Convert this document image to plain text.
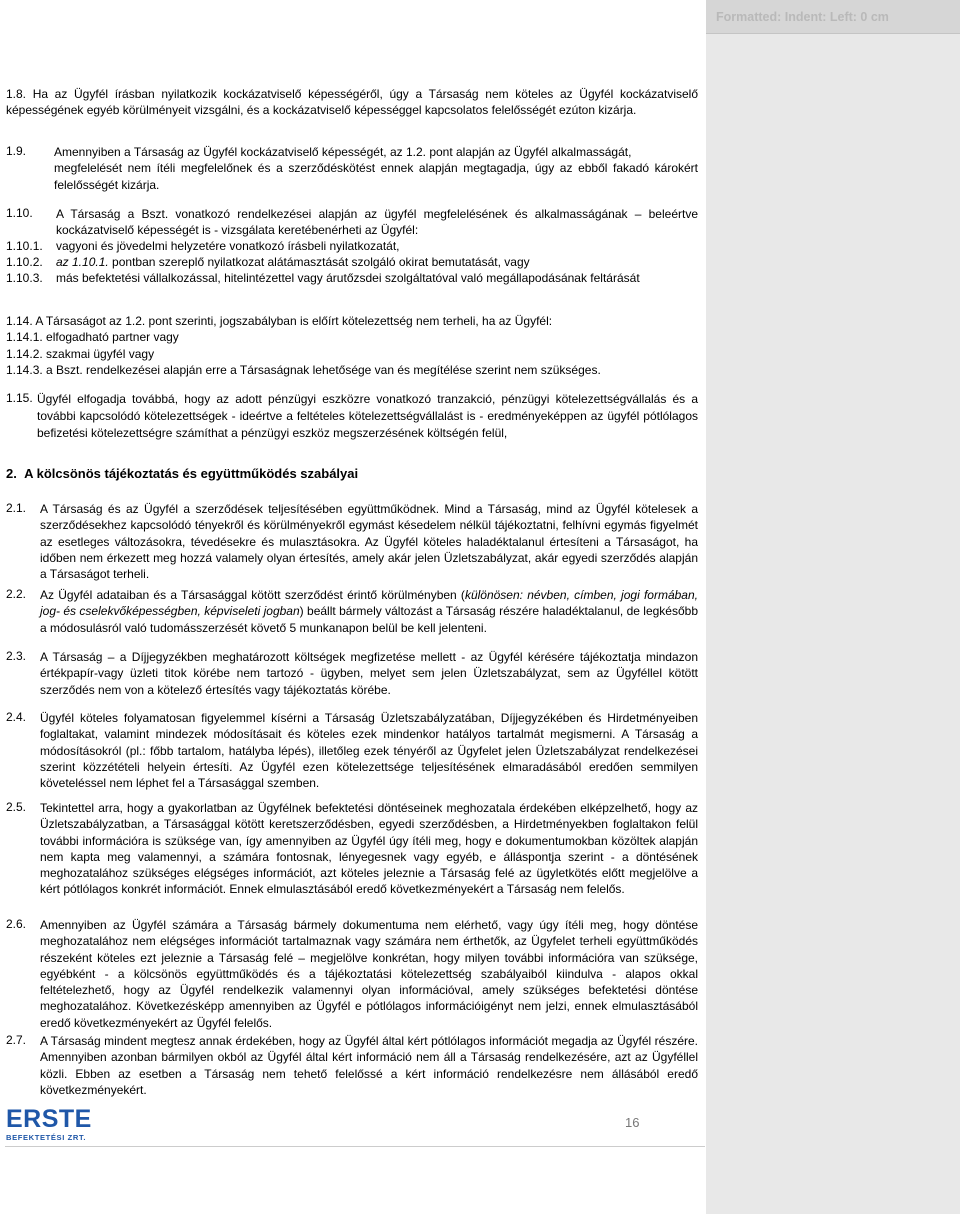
1.8. Ha az Ügyfél írásban nyilatkozik kockázatviselő képességéről, úgy a Társaság nem köteles az Ügyfél kockázatviselő képességének egyéb körülményeit vizsgálni, és a kockázatviselő képességgel kapcsolatos felelősségét ezúton kizárja.

1.9. Amennyiben a Társaság az Ügyfél kockázatviselő képességét, az 1.2. pont alapján az Ügyfél alkalmasságát,

megfelelését nem ítéli megfelelőnek és a szerződéskötést ennek alapján megtagadja, úgy az ebből fakadó károkért felelősségét kizárja.

1.10. A Társaság a Bszt. vonatkozó rendelkezései alapján az ügyfél megfelelésének és alkalmasságának – beleértve kockázatviselő képességét is - vizsgálata keretébenérheti az Ügyfél:

1.10.1. vagyoni és jövedelmi helyzetére vonatkozó írásbeli nyilatkozatát,
1.10.2. az 1.10.1. pontban szereplő nyilatkozat alátámasztását szolgáló okirat bemutatását, vagy
1.10.3. más befektetési vállalkozással, hitelintézettel vagy árutőzsdei szolgáltatóval való megállapodásának feltárását

1.14. A Társaságot az 1.2. pont szerinti, jogszabályban is előírt kötelezettség nem terheli, ha az Ügyfél:

1.14.1. elfogadható partner vagy

1.14.2. szakmai ügyfél vagy

1.14.3. a Bszt. rendelkezései alapján erre a Társaságnak lehetősége van és megítélése szerint nem szükséges.

1.15. Ügyfél elfogadja továbbá, hogy az adott pénzügyi eszközre vonatkozó tranzakció, pénzügyi kötelezettségvállalás és a további kapcsolódó kötelezettségek - ideértve a feltételes kötelezettségvállalást is - eredményeképpen az ügyfél pótlólagos befizetési kötelezettségre számíthat a pénzügyi eszköz megszerzésének költségén felül,

2. A kölcsönös tájékoztatás és együttműködés szabályai
2.1. A Társaság és az Ügyfél a szerződések teljesítésében együttműködnek. Mind a Társaság, mind az Ügyfél kötelesek a szerződésekhez kapcsolódó tényekről és körülményekről egymást késedelem nélkül tájékoztatni, felhívni egymás figyelmét az esetleges változásokra, tévedésekre és mulasztásokra. Az Ügyfél köteles haladéktalanul értesíteni a Társaságot, ha időben nem érkezett meg hozzá valamely olyan értesítés, amely akár jelen Üzletszabályzat, akár egyedi szerződés alapján a Társaságot terheli.

2.2. Az Ügyfél adataiban és a Társasággal kötött szerződést érintő körülményben (különösen: névben, címben, jogi formában, jog- és cselekvőképességben, képviseleti jogban) beállt bármely változást a Társaság részére haladéktalanul, de legkésőbb a módosulásról való tudomásszerzését követő 5 munkanapon belül be kell jelenteni.

2.3. A Társaság – a Díjjegyzékben meghatározott költségek megfizetése mellett - az Ügyfél kérésére tájékoztatja mindazon értékpapír-vagy üzleti titok körébe nem tartozó - ügyben, melyet sem jelen Üzletszabályzat, sem az Ügyféllel kötött szerződés nem von a kötelező értesítés vagy tájékoztatás körébe.

2.4. Ügyfél köteles folyamatosan figyelemmel kísérni a Társaság Üzletszabályzatában, Díjjegyzékében és Hirdetményeiben foglaltakat, valamint mindezek módosításait és köteles ezek mindenkor hatályos tartalmát megismerni. A Társaság a módosításokról (pl.: főbb tartalom, hatályba lépés), illetőleg ezek tényéről az Ügyfelet jelen Üzletszabályzat rendelkezései szerint közzétételi helyein értesíti. Az Ügyfél ezen kötelezettsége teljesítésének elmaradásából eredően semmilyen követeléssel nem léphet fel a Társasággal szemben.

2.5. Tekintettel arra, hogy a gyakorlatban az Ügyfélnek befektetési döntéseinek meghozatala érdekében elképzelhető, hogy az Üzletszabályzatban, a Társasággal kötött keretszerződésben, egyedi szerződésben, a Hirdetményekben foglaltakon felül további információra is szüksége van, így amennyiben az Ügyfél úgy ítéli meg, hogy e dokumentumokban közöltek alapján nem kapta meg valamennyi, a számára fontosnak, lényegesnek vagy egyéb, e álláspontja szerint - a döntésének meghozatalához szükséges elégséges információt, azt köteles jeleznie a Társaság felé az ügyletkötés előtt megjelölve a kért pótlólagos konkrét információt. Ennek elmulasztásából eredő következményekért a Társaság nem felelős.

2.6. Amennyiben az Ügyfél számára a Társaság bármely dokumentuma nem elérhető, vagy úgy ítéli meg, hogy döntése meghozatalához nem elégséges információt tartalmaznak vagy számára nem érthetők, az Ügyfelet terheli együttműködés részeként köteles ezt jeleznie a Társaság felé – megjelölve konkrétan, hogy milyen további információra van szüksége, egyébként - a kölcsönös együttműködés és a tájékoztatási kötelezettség szabályaiból kiindulva - alapos okkal feltételezhető, hogy az Ügyfél rendelkezik valamennyi olyan információval, amely szükséges befektetési döntése meghozatalához. Következésképp amennyiben az Ügyfél e pótlólagos információigényt nem jelzi, ennek elmulasztásából eredő következményekért az Ügyfél felelős.

2.7. A Társaság mindent megtesz annak érdekében, hogy az Ügyfél által kért pótlólagos információt megadja az Ügyfél részére. Amennyiben azonban bármilyen okból az Ügyfél által kért információ nem áll a Társaság rendelkezésére, azt az Ügyféllel közli. Ebben az esetben a Társaság nem tehető felelőssé a kért információ rendelkezésre nem állásából eredő következményekért.

ERSTE
BEFEKTETÉSI ZRT.
16
Formatted: Indent: Left: 0 cm
